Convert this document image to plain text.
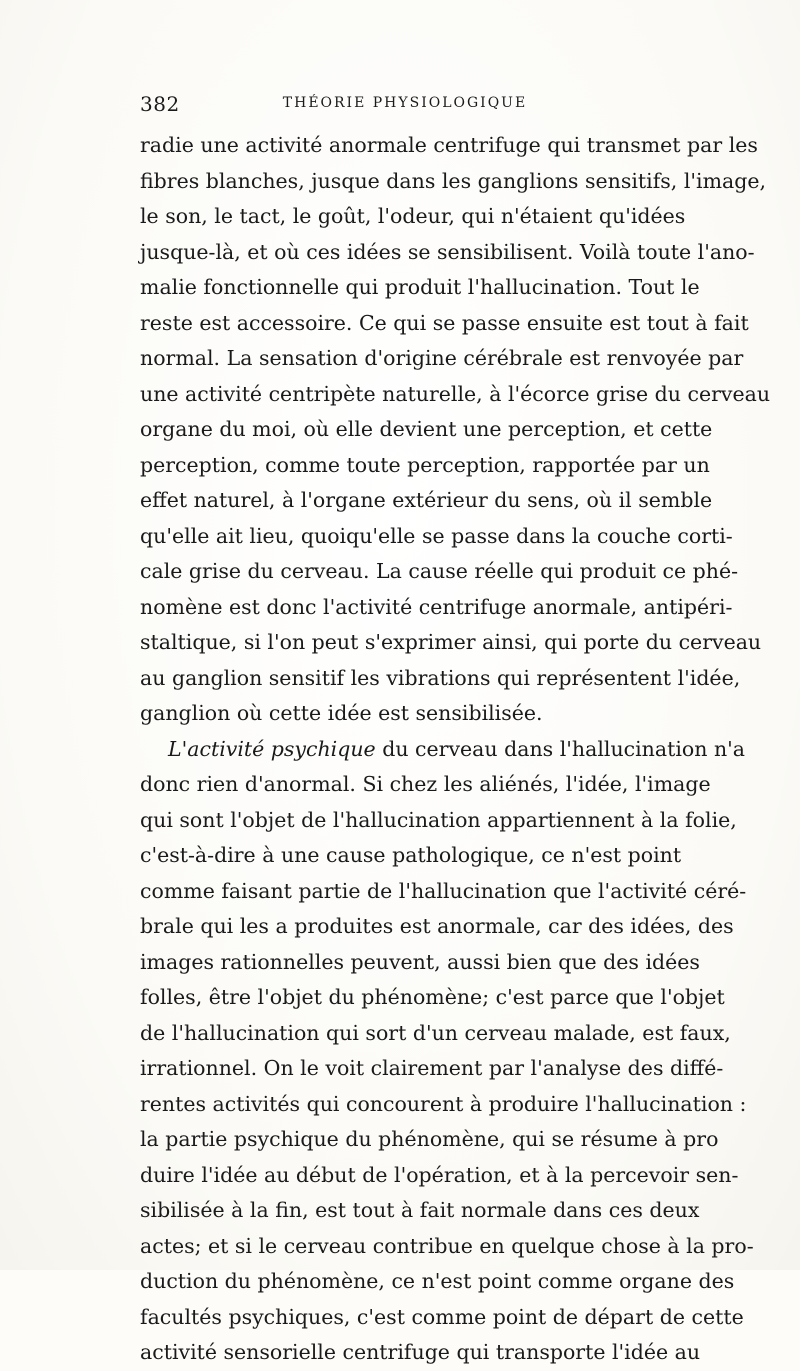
382	THÉORIE PHYSIOLOGIQUE
radie une activité anormale centrifuge qui transmet par les
fibres blanches, jusque dans les ganglions sensitifs, l'image,
le son, le tact, le goût, l'odeur, qui n'étaient qu'idées
jusque-là, et où ces idées se sensibilisent. Voilà toute l'ano-
malie fonctionnelle qui produit l'hallucination. Tout le
reste est accessoire. Ce qui se passe ensuite est tout à fait
normal. La sensation d'origine cérébrale est renvoyée par
une activité centripète naturelle, à l'écorce grise du cerveau
organe du moi, où elle devient une perception, et cette
perception, comme toute perception, rapportée par un
effet naturel, à l'organe extérieur du sens, où il semble
qu'elle ait lieu, quoiqu'elle se passe dans la couche corti-
cale grise du cerveau. La cause réelle qui produit ce phé-
nomène est donc l'activité centrifuge anormale, antipéri-
staltique, si l'on peut s'exprimer ainsi, qui porte du cerveau
au ganglion sensitif les vibrations qui représentent l'idée,
ganglion où cette idée est sensibilisée.
L'activité psychique du cerveau dans l'hallucination n'a
donc rien d'anormal. Si chez les aliénés, l'idée, l'image
qui sont l'objet de l'hallucination appartiennent à la folie,
c'est-à-dire à une cause pathologique, ce n'est point
comme faisant partie de l'hallucination que l'activité céré-
brale qui les a produites est anormale, car des idées, des
images rationnelles peuvent, aussi bien que des idées
folles, être l'objet du phénomène; c'est parce que l'objet
de l'hallucination qui sort d'un cerveau malade, est faux,
irrationnel. On le voit clairement par l'analyse des diffé-
rentes activités qui concourent à produire l'hallucination :
la partie psychique du phénomène, qui se résume à pro
duire l'idée au début de l'opération, et à la percevoir sen-
sibilisée à la fin, est tout à fait normale dans ces deux
actes; et si le cerveau contribue en quelque chose à la pro-
duction du phénomène, ce n'est point comme organe des
facultés psychiques, c'est comme point de départ de cette
activité sensorielle centrifuge qui transporte l'idée au
